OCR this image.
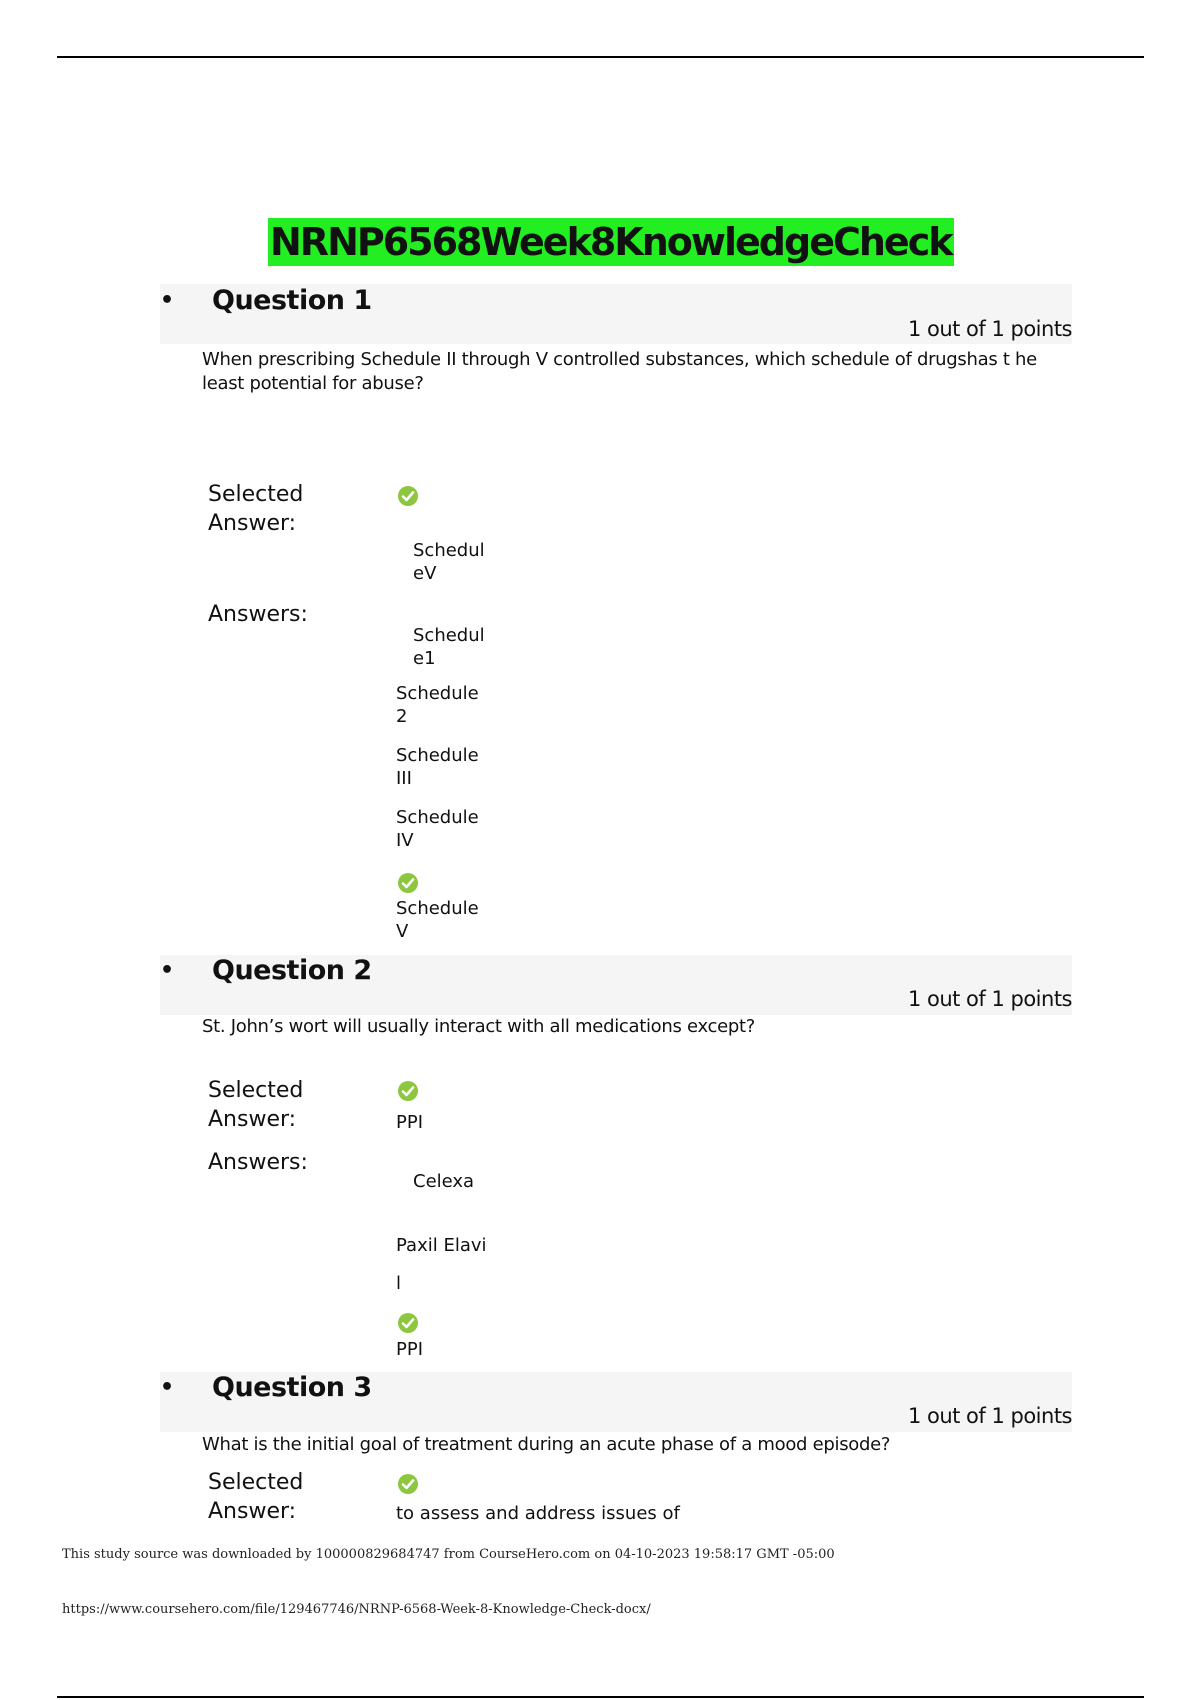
NRNP6568Week8KnowledgeCheck
• Question 1
1 out of 1 points
When prescribing Schedule II through V controlled substances, which schedule of drugshas t he least potential for abuse?
Selected Answer:
ScheduleV
Answers:
Schedule1
Schedule 2
Schedule III
Schedule IV
Schedule V
• Question 2
1 out of 1 points
St. John’s wort will usually interact with all medications except?
Selected Answer:	PPI
Answers:
Celexa
Paxil Elavi
l
PPI
• Question 3
1 out of 1 points
What is the initial goal of treatment during an acute phase of a mood episode?
Selected Answer:	to assess and address issues of
This study source was downloaded by 100000829684747 from CourseHero.com on 04-10-2023 19:58:17 GMT -05:00
https://www.coursehero.com/file/129467746/NRNP-6568-Week-8-Knowledge-Check-docx/
